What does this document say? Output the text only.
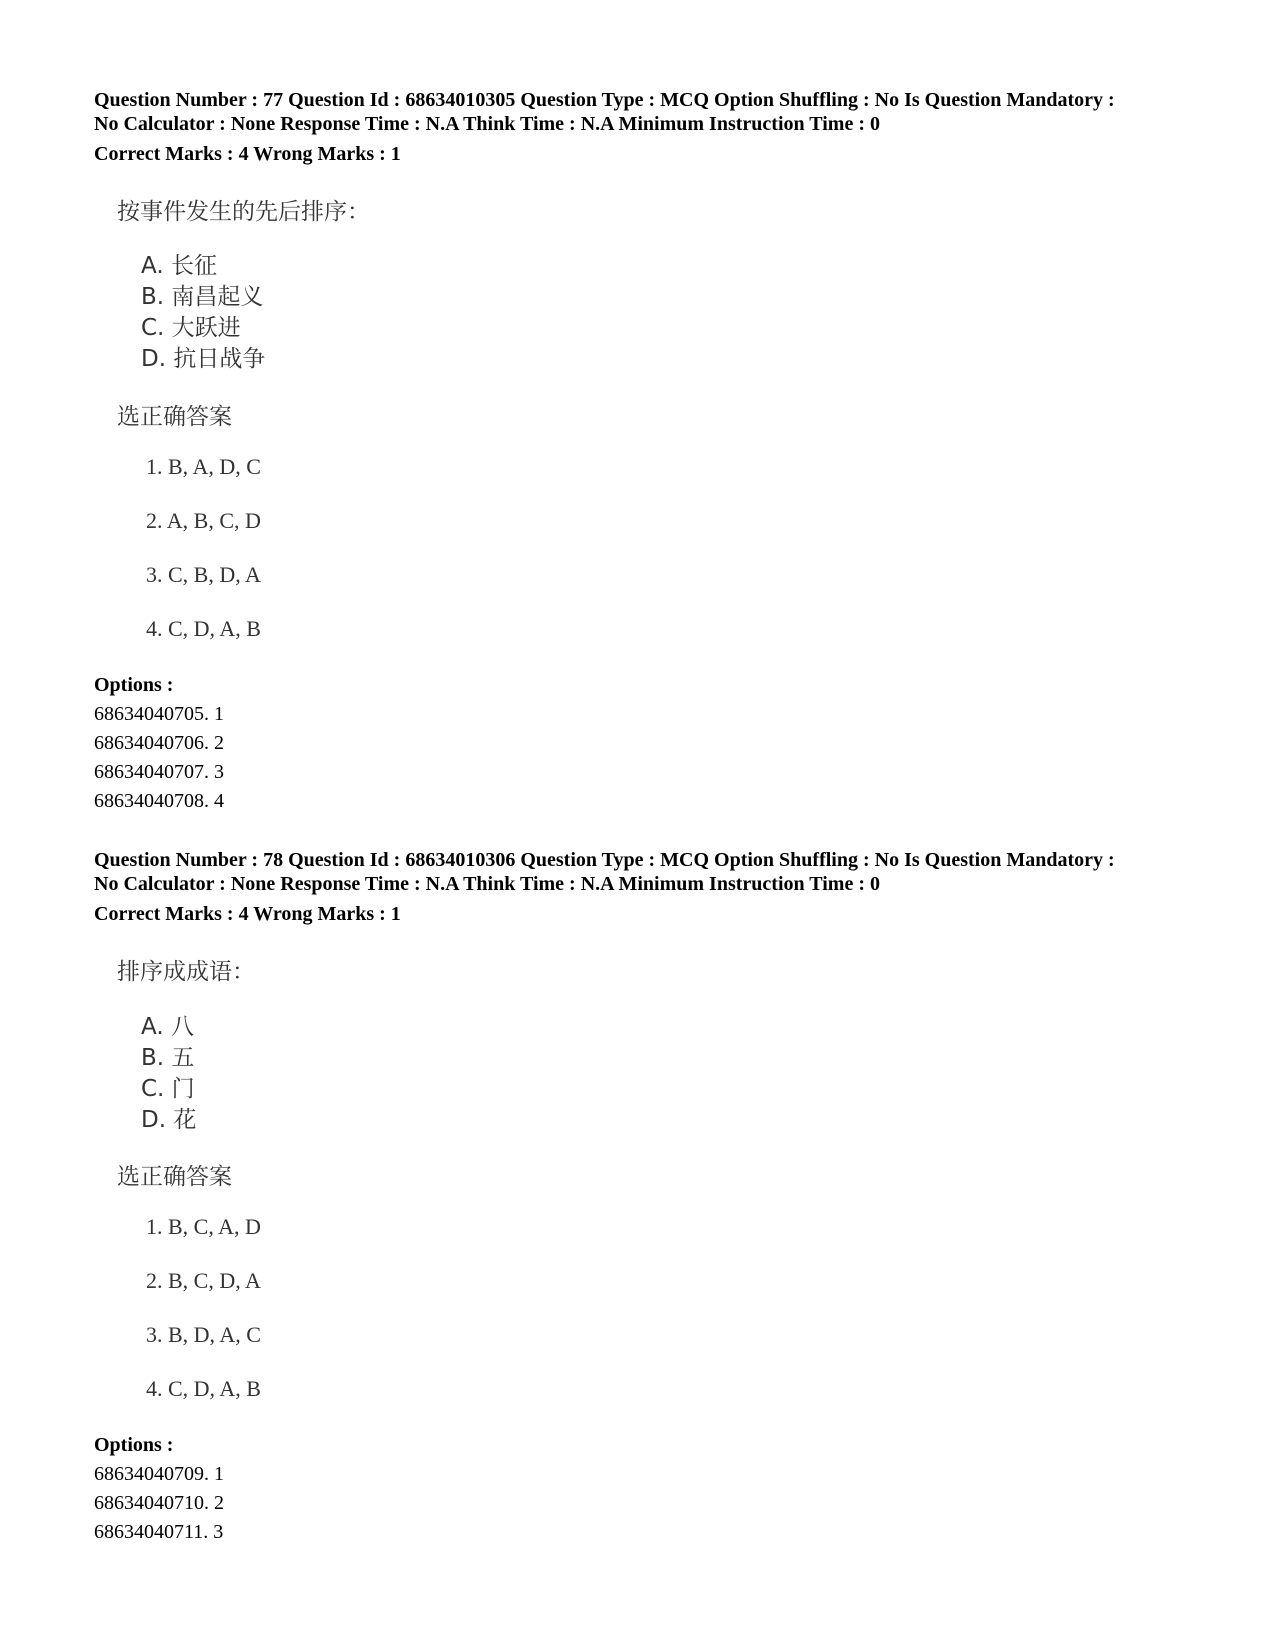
Question Number : 77 Question Id : 68634010305 Question Type : MCQ Option Shuffling : No Is Question Mandatory :
No Calculator : None Response Time : N.A Think Time : N.A Minimum Instruction Time : 0
Correct Marks : 4 Wrong Marks : 1
按事件发生的先后排序：
A. 长征
B. 南昌起义
C. 大跃进
D. 抗日战争
选正确答案
1. B, A, D, C
2. A, B, C, D
3. C, B, D, A
4. C, D, A, B
Options :
68634040705. 1
68634040706. 2
68634040707. 3
68634040708. 4
Question Number : 78 Question Id : 68634010306 Question Type : MCQ Option Shuffling : No Is Question Mandatory :
No Calculator : None Response Time : N.A Think Time : N.A Minimum Instruction Time : 0
Correct Marks : 4 Wrong Marks : 1
排序成成语：
A. 八
B. 五
C. 门
D. 花
选正确答案
1. B, C, A, D
2. B, C, D, A
3. B, D, A, C
4. C, D, A, B
Options :
68634040709. 1
68634040710. 2
68634040711. 3
